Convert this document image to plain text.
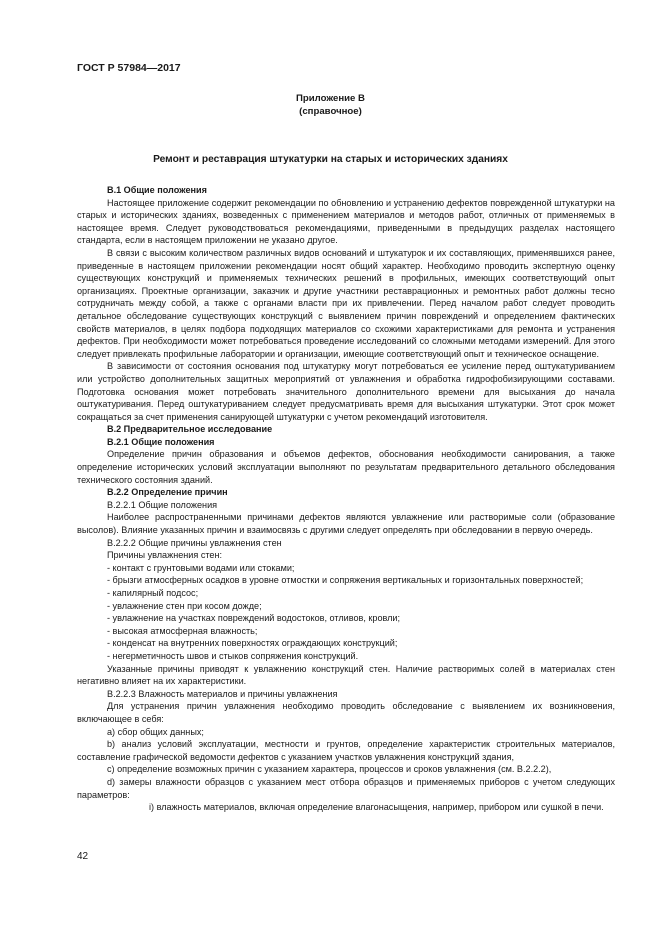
ГОСТ Р 57984—2017
Приложение В
(справочное)
Ремонт и реставрация штукатурки на старых и исторических зданиях

В.1 Общие положения

Настоящее приложение содержит рекомендации по обновлению и устранению дефектов поврежденной штукатурки на старых и исторических зданиях, возведенных с применением материалов и методов работ, отличных от применяемых в настоящее время. Следует руководствоваться рекомендациями, приведенными в предыдущих разделах настоящего стандарта, если в настоящем приложении не указано другое.

В связи с высоким количеством различных видов оснований и штукатурок и их составляющих, применявшихся ранее, приведенные в настоящем приложении рекомендации носят общий характер. Необходимо проводить экспертную оценку существующих конструкций и применяемых технических решений в профильных, имеющих соответствующий опыт организациях. Проектные организации, заказчик и другие участники реставрационных и ремонтных работ должны тесно сотрудничать между собой, а также с органами власти при их привлечении. Перед началом работ следует проводить детальное обследование существующих конструкций с выявлением причин повреждений и определением фактических свойств материалов, в целях подбора подходящих материалов со схожими характеристиками для ремонта и устранения дефектов. При необходимости может потребоваться проведение исследований со сложными методами измерений. Для этого следует привлекать профильные лаборатории и организации, имеющие соответствующий опыт и техническое оснащение.

В зависимости от состояния основания под штукатурку могут потребоваться ее усиление перед оштукатуриванием или устройство дополнительных защитных мероприятий от увлажнения и обработка гидрофобизирующими составами. Подготовка основания может потребовать значительного дополнительного времени для высыхания до начала оштукатуривания. Перед оштукатуриванием следует предусматривать время для высыхания штукатурки. Этот срок может сокращаться за счет применения санирующей штукатурки с учетом рекомендаций изготовителя.

В.2 Предварительное исследование

В.2.1 Общие положения

Определение причин образования и объемов дефектов, обоснования необходимости санирования, а также определение исторических условий эксплуатации выполняют по результатам предварительного детального обследования технического состояния зданий.

В.2.2 Определение причин

В.2.2.1 Общие положения

Наиболее распространенными причинами дефектов являются увлажнение или растворимые соли (образование высолов). Влияние указанных причин и взаимосвязь с другими следует определять при обследовании в первую очередь.

В.2.2.2 Общие причины увлажнения стен

Причины увлажнения стен:

- контакт с грунтовыми водами или стоками;

- брызги атмосферных осадков в уровне отмостки и сопряжения вертикальных и горизонтальных поверхностей;

- капилярный подсос;

- увлажнение стен при косом дожде;

- увлажнение на участках повреждений водостоков, отливов, кровли;

- высокая атмосферная влажность;

- конденсат на внутренних поверхностях ограждающих конструкций;

- негерметичность швов и стыков сопряжения конструкций.

Указанные причины приводят к увлажнению конструкций стен. Наличие растворимых солей в материалах стен негативно влияет на их характеристики.

В.2.2.3 Влажность материалов и причины увлажнения

Для устранения причин увлажнения необходимо проводить обследование с выявлением их возникновения, включающее в себя:

а) сбор общих данных;

b) анализ условий эксплуатации, местности и грунтов, определение характеристик строительных материалов, составление графической ведомости дефектов с указанием участков увлажнения конструкций здания,

с) определение возможных причин с указанием характера, процессов и сроков увлажнения (см. В.2.2.2),

d) замеры влажности образцов с указанием мест отбора образцов и применяемых приборов с учетом следующих параметров:

i) влажность материалов, включая определение влагонасыщения, например, прибором или сушкой в печи.

42
